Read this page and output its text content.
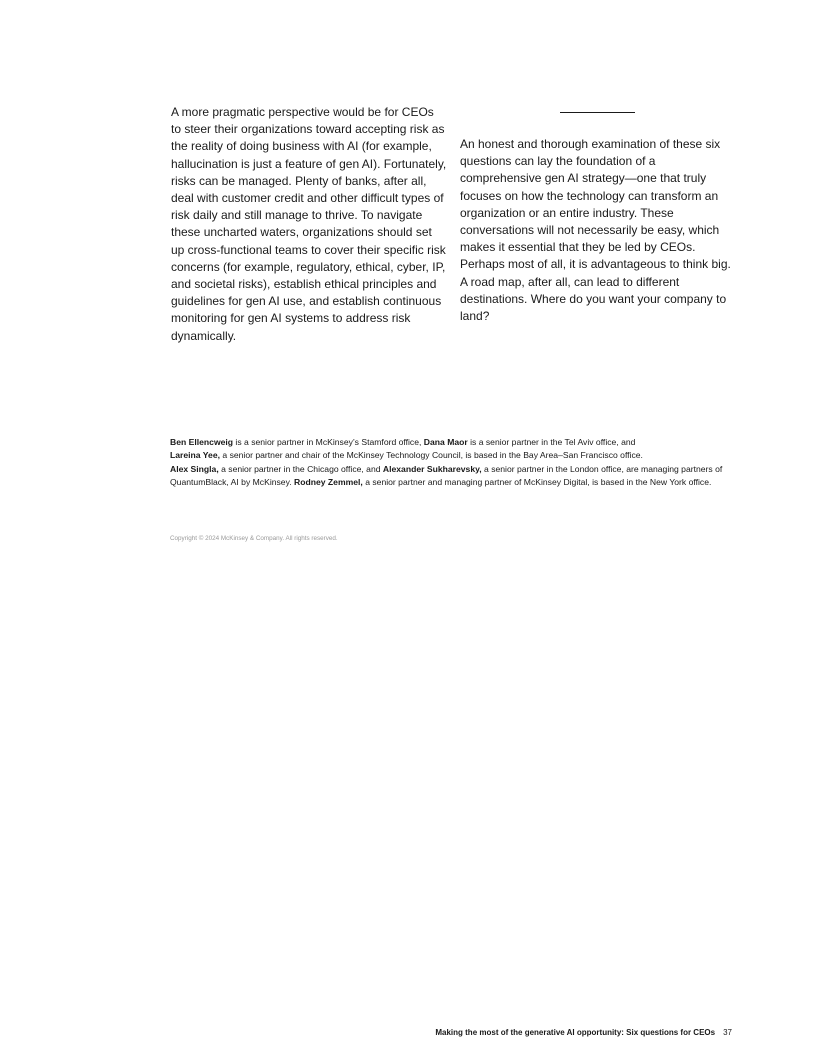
A more pragmatic perspective would be for CEOs to steer their organizations toward accepting risk as the reality of doing business with AI (for example, hallucination is just a feature of gen AI). Fortunately, risks can be managed. Plenty of banks, after all, deal with customer credit and other difficult types of risk daily and still manage to thrive. To navigate these uncharted waters, organizations should set up cross-functional teams to cover their specific risk concerns (for example, regulatory, ethical, cyber, IP, and societal risks), establish ethical principles and guidelines for gen AI use, and establish continuous monitoring for gen AI systems to address risk dynamically.

An honest and thorough examination of these six questions can lay the foundation of a comprehensive gen AI strategy—one that truly focuses on how the technology can transform an organization or an entire industry. These conversations will not necessarily be easy, which makes it essential that they be led by CEOs. Perhaps most of all, it is advantageous to think big. A road map, after all, can lead to different destinations. Where do you want your company to land?

Ben Ellencweig is a senior partner in McKinsey’s Stamford office, Dana Maor is a senior partner in the Tel Aviv office, and
Lareina Yee, a senior partner and chair of the McKinsey Technology Council, is based in the Bay Area–San Francisco office.
Alex Singla, a senior partner in the Chicago office, and Alexander Sukharevsky, a senior partner in the London office, are managing partners of QuantumBlack, AI by McKinsey. Rodney Zemmel, a senior partner and managing partner of McKinsey Digital, is based in the New York office.
Copyright © 2024 McKinsey & Company. All rights reserved.
Making the most of the generative AI opportunity: Six questions for CEOs 37
